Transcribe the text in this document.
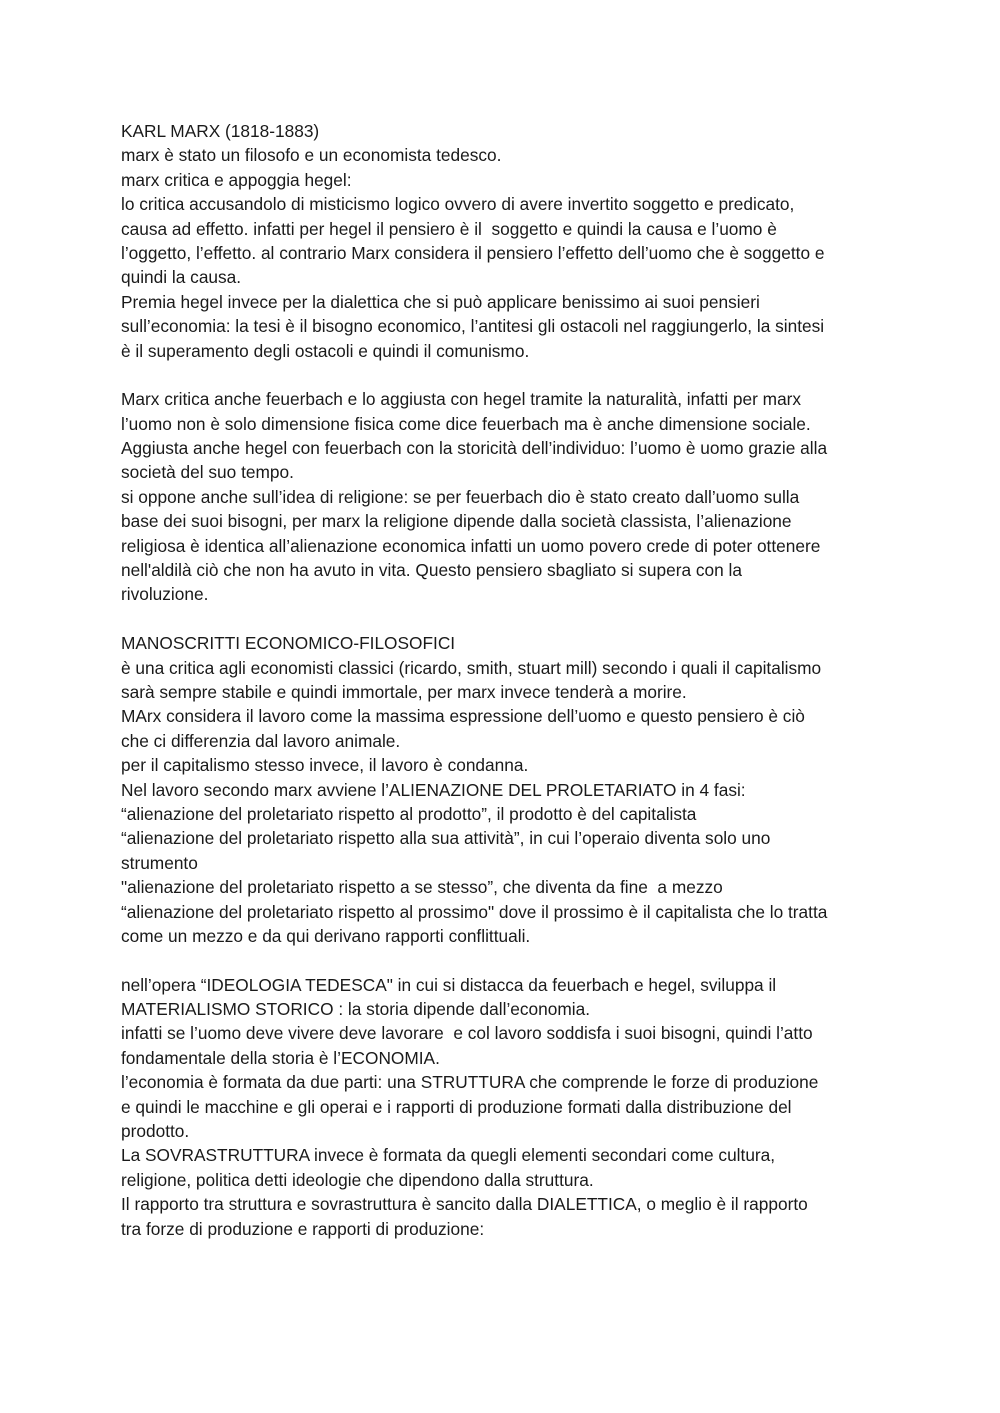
KARL MARX (1818-1883)
marx è stato un filosofo e un economista tedesco.
marx critica e appoggia hegel:
lo critica accusandolo di misticismo logico ovvero di avere invertito soggetto e predicato,
causa ad effetto. infatti per hegel il pensiero è il  soggetto e quindi la causa e l’uomo è
l’oggetto, l’effetto. al contrario Marx considera il pensiero l’effetto dell’uomo che è soggetto e
quindi la causa.
Premia hegel invece per la dialettica che si può applicare benissimo ai suoi pensieri
sull’economia: la tesi è il bisogno economico, l’antitesi gli ostacoli nel raggiungerlo, la sintesi
è il superamento degli ostacoli e quindi il comunismo.
Marx critica anche feuerbach e lo aggiusta con hegel tramite la naturalità, infatti per marx
l’uomo non è solo dimensione fisica come dice feuerbach ma è anche dimensione sociale.
Aggiusta anche hegel con feuerbach con la storicità dell’individuo: l’uomo è uomo grazie alla
società del suo tempo.
si oppone anche sull’idea di religione: se per feuerbach dio è stato creato dall’uomo sulla
base dei suoi bisogni, per marx la religione dipende dalla società classista, l’alienazione
religiosa è identica all’alienazione economica infatti un uomo povero crede di poter ottenere
nell'aldilà ciò che non ha avuto in vita. Questo pensiero sbagliato si supera con la
rivoluzione.
MANOSCRITTI ECONOMICO-FILOSOFICI
è una critica agli economisti classici (ricardo, smith, stuart mill) secondo i quali il capitalismo
sarà sempre stabile e quindi immortale, per marx invece tenderà a morire.
MArx considera il lavoro come la massima espressione dell’uomo e questo pensiero è ciò
che ci differenzia dal lavoro animale.
per il capitalismo stesso invece, il lavoro è condanna.
Nel lavoro secondo marx avviene l’ALIENAZIONE DEL PROLETARIATO in 4 fasi:
“alienazione del proletariato rispetto al prodotto”, il prodotto è del capitalista
“alienazione del proletariato rispetto alla sua attività”, in cui l’operaio diventa solo uno
strumento
"alienazione del proletariato rispetto a se stesso”, che diventa da fine  a mezzo
“alienazione del proletariato rispetto al prossimo" dove il prossimo è il capitalista che lo tratta
come un mezzo e da qui derivano rapporti conflittuali.
nell’opera “IDEOLOGIA TEDESCA" in cui si distacca da feuerbach e hegel, sviluppa il
MATERIALISMO STORICO : la storia dipende dall’economia.
infatti se l’uomo deve vivere deve lavorare  e col lavoro soddisfa i suoi bisogni, quindi l’atto
fondamentale della storia è l’ECONOMIA.
l’economia è formata da due parti: una STRUTTURA che comprende le forze di produzione
e quindi le macchine e gli operai e i rapporti di produzione formati dalla distribuzione del
prodotto.
La SOVRASTRUTTURA invece è formata da quegli elementi secondari come cultura,
religione, politica detti ideologie che dipendono dalla struttura.
Il rapporto tra struttura e sovrastruttura è sancito dalla DIALETTICA, o meglio è il rapporto
tra forze di produzione e rapporti di produzione:
